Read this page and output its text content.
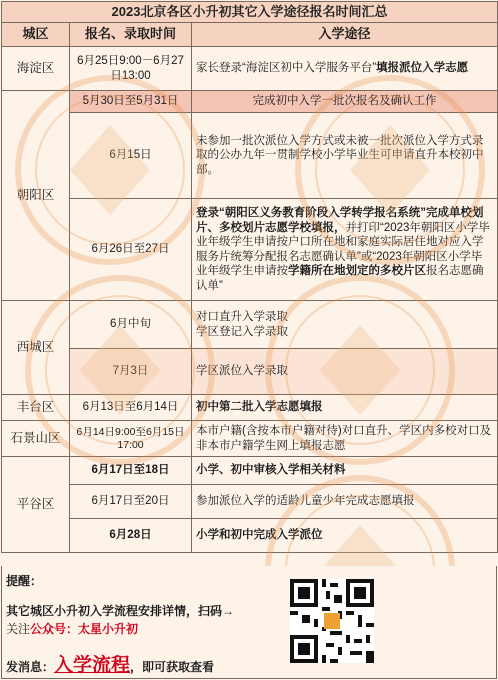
2023北京各区小升初其它入学途径报名时间汇总		
城区	报名、录取时间	入学途径
海淀区	6月25日9:00－6月27日13:00	家长登录“海淀区初中入学服务平台”填报派位入学志愿
朝阳区	5月30日至5月31日	完成初中入学一批次报名及确认工作
	6月15日	未参加一批次派位入学方式或未被一批次派位入学方式录取的公办九年一贯制学校小学毕业生可申请直升本校初中部。
	6月26日至27日	登录“朝阳区义务教育阶段入学转学报名系统”完成单校划片、多校划片志愿学校填报，并打印“2023年朝阳区小学毕业年级学生申请按户口所在地和家庭实际居住地对应入学服务片统筹分配报名志愿确认单”或“2023年朝阳区小学毕业年级学生申请按学籍所在地划定的多校片区报名志愿确认单”
西城区	6月中旬	对口直升入学录取
学区登记入学录取

	7月3日	学区派位入学录取
丰台区	6月13日至6月14日	初中第二批入学志愿填报
石景山区	6月14日9:00至6月15日17:00	本市户籍(含按本市户籍对待)对口直升、学区内多校对口及非本市户籍学生网上填报志愿
平谷区	6月17日至18日	小学、初中审核入学相关材料
	6月17日至20日	参加派位入学的适龄儿童少年完成志愿填报
	6月28日	小学和初中完成入学派位
提醒：
其它城区小升初入学流程安排详情，扫码→
关注公众号：太星小升初
发消息：入学流程，即可获取查看
